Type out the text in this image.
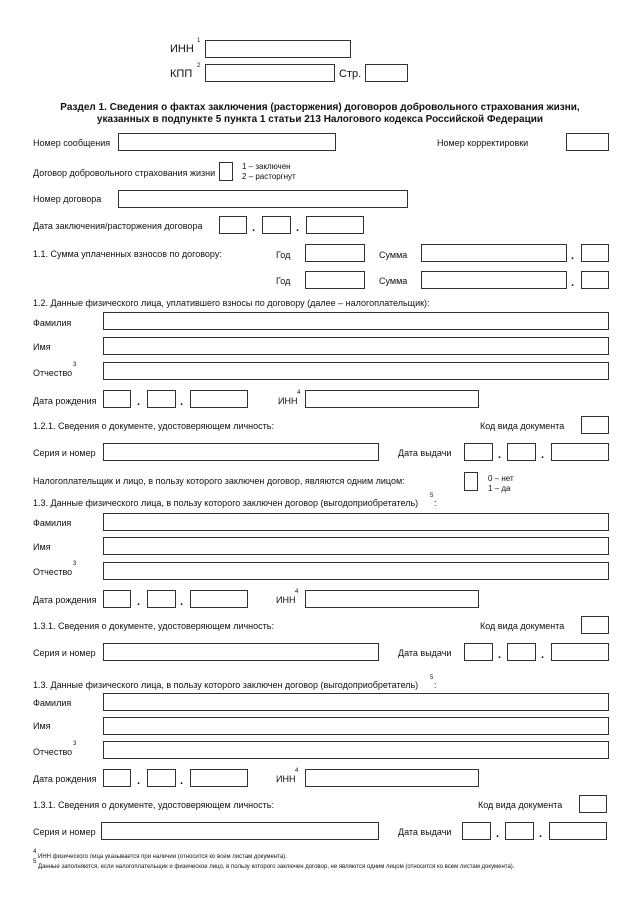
ИНН
1
КПП
2
Стр.
Раздел 1. Сведения о фактах заключения (расторжения) договоров добровольного страхования жизни,
указанных в подпункте 5 пункта 1 статьи 213 Налогового кодекса Российской Федерации
Номер сообщения	Номер корректировки
Договор добровольного страхования жизни
1 – заключен
2 – расторгнут
Номер договора
Дата заключения/расторжения договора	.	.
1.1. Сумма уплаченных взносов по договору:	Год	Сумма	.
Год	Сумма	.
1.2. Данные физического лица, уплатившего взносы по договору (далее – налогоплательщик):
Фамилия
Имя
Отчество
3
Дата рождения	.	.	ИНН
4
1.2.1. Сведения о документе, удостоверяющем личность:	Код вида документа
Серия и номер	Дата выдачи	.	.
Налогоплательщик и лицо, в пользу которого заключен договор, являются одним лицом:	0 – нет
1 – да
1.3. Данные физического лица, в пользу которого заключен договор (выгодоприобретатель)
5
:
Фамилия
Имя
Отчество
3
Дата рождения	.	.	ИНН
4
1.3.1. Сведения о документе, удостоверяющем личность:	Код вида документа
Серия и номер	Дата выдачи	.	.
1.3. Данные физического лица, в пользу которого заключен договор (выгодоприобретатель)
5
:
Фамилия
Имя
Отчество
3
Дата рождения	.	.	ИНН
4
1.3.1. Сведения о документе, удостоверяющем личность:	Код вида документа
Серия и номер	Дата выдачи	.	.
4
ИНН физического лица указывается при наличии (относится ко всем листам документа).
5
Данные заполняются, если налогоплательщик и физическое лицо, в пользу которого заключен договор, не являются одним лицом (относится ко всем листам документа).
